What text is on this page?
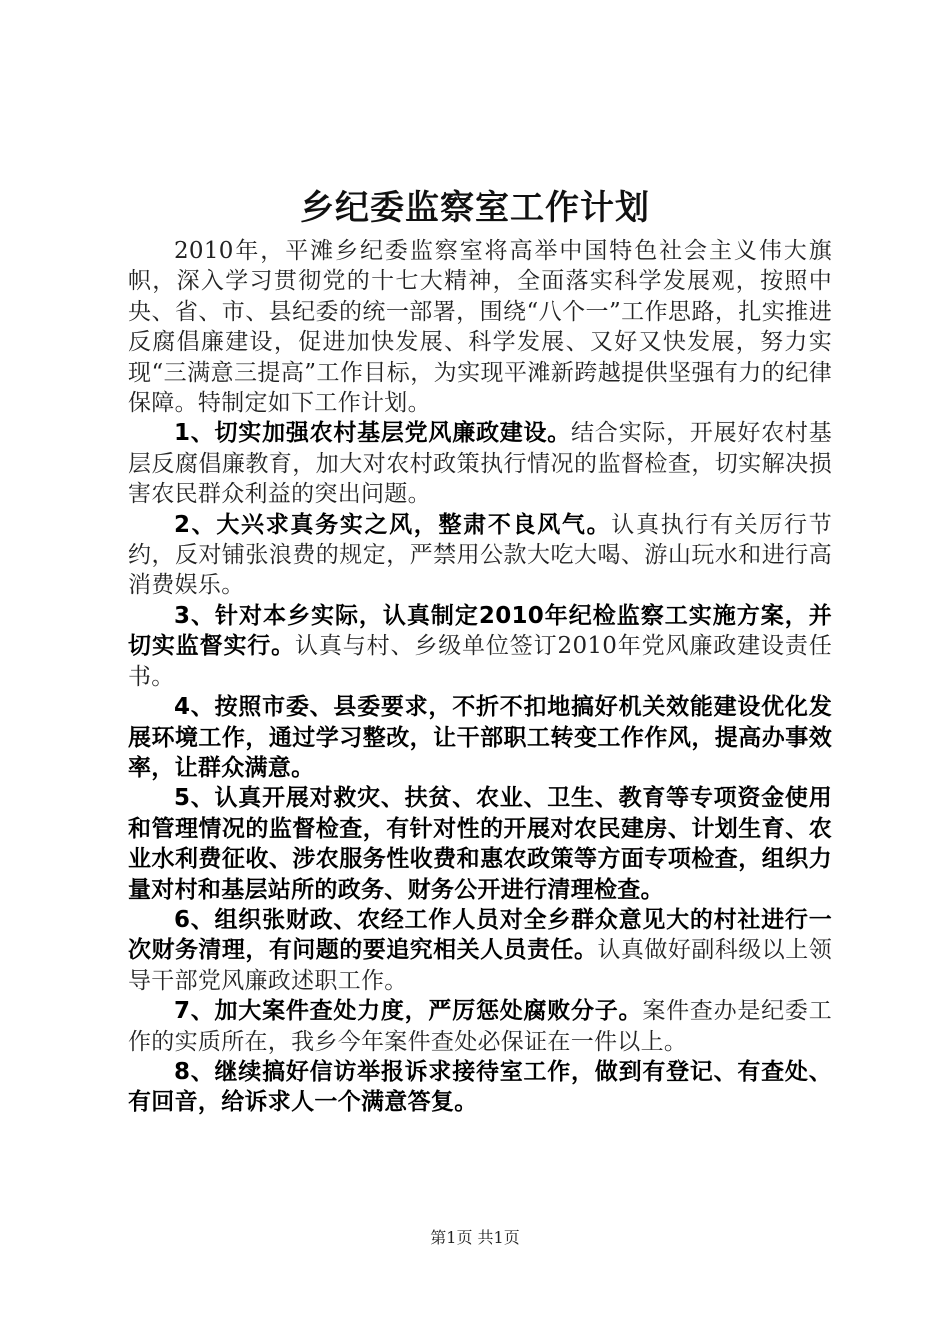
乡纪委监察室工作计划

2010年，平滩乡纪委监察室将高举中国特色社会主义伟大旗帜，深入学习贯彻党的十七大精神，全面落实科学发展观，按照中央、省、市、县纪委的统一部署，围绕“八个一”工作思路，扎实推进反腐倡廉建设，促进加快发展、科学发展、又好又快发展，努力实现“三满意三提高”工作目标，为实现平滩新跨越提供坚强有力的纪律保障。特制定如下工作计划。

1、切实加强农村基层党风廉政建设。结合实际，开展好农村基层反腐倡廉教育，加大对农村政策执行情况的监督检查，切实解决损害农民群众利益的突出问题。

2、大兴求真务实之风，整肃不良风气。认真执行有关厉行节约，反对铺张浪费的规定，严禁用公款大吃大喝、游山玩水和进行高消费娱乐。

3、针对本乡实际，认真制定2010年纪检监察工实施方案，并切实监督实行。认真与村、乡级单位签订2010年党风廉政建设责任书。

4、按照市委、县委要求，不折不扣地搞好机关效能建设优化发展环境工作，通过学习整改，让干部职工转变工作作风，提高办事效率，让群众满意。

5、认真开展对救灾、扶贫、农业、卫生、教育等专项资金使用和管理情况的监督检查，有针对性的开展对农民建房、计划生育、农业水利费征收、涉农服务性收费和惠农政策等方面专项检查，组织力量对村和基层站所的政务、财务公开进行清理检查。

6、组织张财政、农经工作人员对全乡群众意见大的村社进行一次财务清理，有问题的要追究相关人员责任。认真做好副科级以上领导干部党风廉政述职工作。

7、加大案件查处力度，严厉惩处腐败分子。案件查办是纪委工作的实质所在，我乡今年案件查处必保证在一件以上。

8、继续搞好信访举报诉求接待室工作，做到有登记、有查处、有回音，给诉求人一个满意答复。

第1页 共1页
